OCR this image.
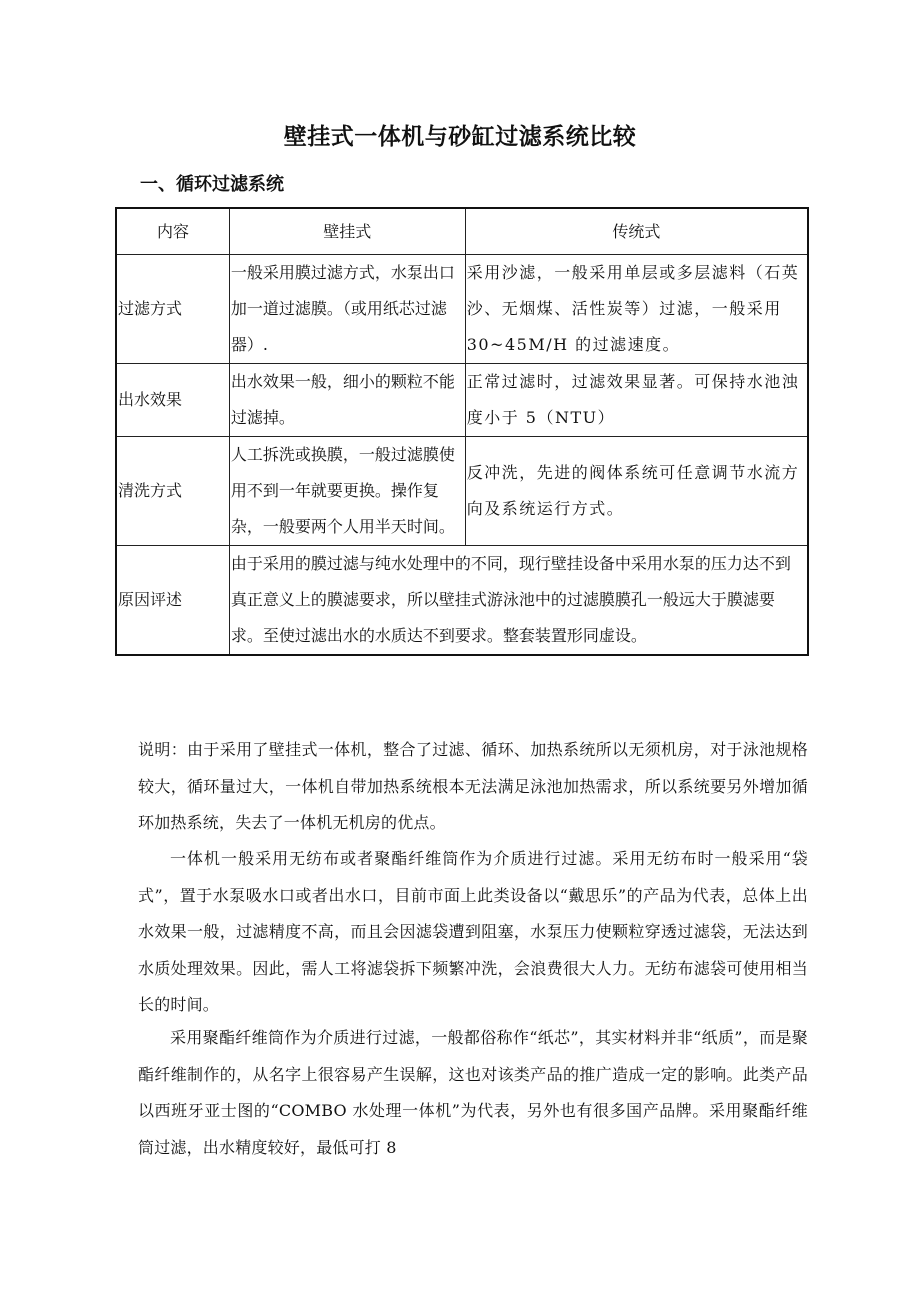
壁挂式一体机与砂缸过滤系统比较
一、循环过滤系统
内容	壁挂式	传统式
过滤方式	一般采用膜过滤方式，水泵出口加一道过滤膜。（或用纸芯过滤器）.	采用沙滤，一般采用单层或多层滤料（石英沙、无烟煤、活性炭等）过滤，一般采用 30~45M/H 的过滤速度。
出水效果	出水效果一般，细小的颗粒不能过滤掉。	正常过滤时，过滤效果显著。可保持水池浊度小于 5（NTU）
清洗方式	人工拆洗或换膜，一般过滤膜使用不到一年就要更换。操作复杂，一般要两个人用半天时间。	反冲洗，先进的阀体系统可任意调节水流方向及系统运行方式。
原因评述	由于采用的膜过滤与纯水处理中的不同，现行壁挂设备中采用水泵的压力达不到真正意义上的膜滤要求，所以壁挂式游泳池中的过滤膜膜孔一般远大于膜滤要求。至使过滤出水的水质达不到要求。整套装置形同虚设。	
说明：由于采用了壁挂式一体机，整合了过滤、循环、加热系统所以无须机房，对于泳池规格较大，循环量过大，一体机自带加热系统根本无法满足泳池加热需求，所以系统要另外增加循环加热系统，失去了一体机无机房的优点。
一体机一般采用无纺布或者聚酯纤维筒作为介质进行过滤。采用无纺布时一般采用“袋式”，置于水泵吸水口或者出水口，目前市面上此类设备以“戴思乐”的产品为代表，总体上出水效果一般，过滤精度不高，而且会因滤袋遭到阻塞，水泵压力使颗粒穿透过滤袋，无法达到水质处理效果。因此，需人工将滤袋拆下频繁冲洗，会浪费很大人力。无纺布滤袋可使用相当长的时间。
采用聚酯纤维筒作为介质进行过滤，一般都俗称作“纸芯”，其实材料并非“纸质”，而是聚酯纤维制作的，从名字上很容易产生误解，这也对该类产品的推广造成一定的影响。此类产品以西班牙亚士图的“COMBO 水处理一体机”为代表，另外也有很多国产品牌。采用聚酯纤维筒过滤，出水精度较好，最低可打 8
